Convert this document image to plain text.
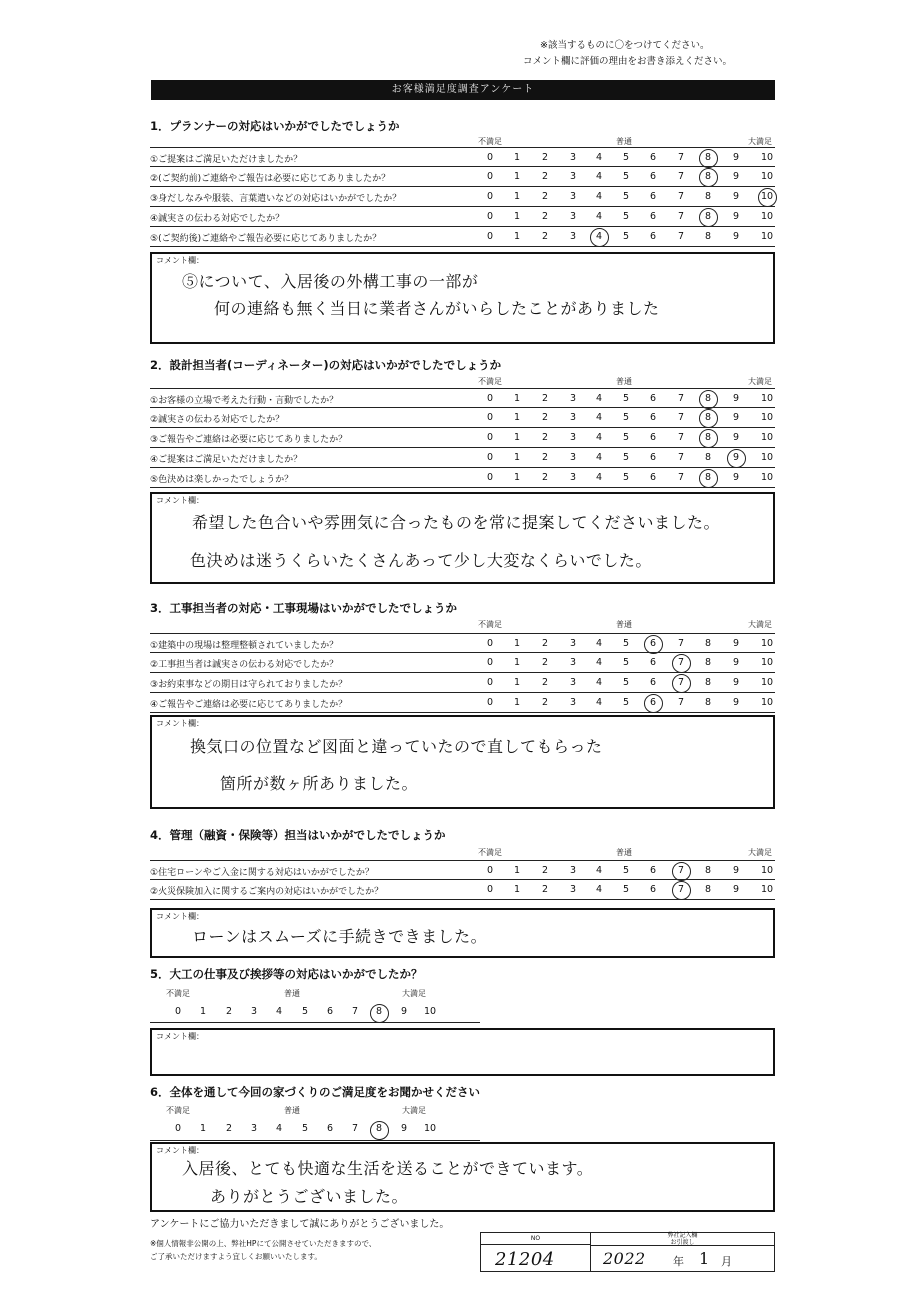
※該当するものに〇をつけてください。
コメント欄に評価の理由をお書き添えください。
お客様満足度調査アンケート
1．プランナーの対応はいかがでしたでしょうか
不満足	普通	大満足
①ご提案はご満足いただけましたか？	0	1	2	3	4	5	6	7	8	9	10
②(ご契約前)ご連絡やご報告は必要に応じてありましたか？	0	1	2	3	4	5	6	7	8	9	10
③身だしなみや服装、言葉遣いなどの対応はいかがでしたか？	0	1	2	3	4	5	6	7	8	9	10
④誠実さの伝わる対応でしたか？	0	1	2	3	4	5	6	7	8	9	10
⑤(ご契約後)ご連絡やご報告必要に応じてありましたか？	0	1	2	3	4	5	6	7	8	9	10
コメント欄：
⑤について、入居後の外構工事の一部が
何の連絡も無く当日に業者さんがいらしたことがありました
2．設計担当者(コーディネーター)の対応はいかがでしたでしょうか
不満足	普通	大満足
①お客様の立場で考えた行動・言動でしたか？	0	1	2	3	4	5	6	7	8	9	10
②誠実さの伝わる対応でしたか？	0	1	2	3	4	5	6	7	8	9	10
③ご報告やご連絡は必要に応じてありましたか？	0	1	2	3	4	5	6	7	8	9	10
④ご提案はご満足いただけましたか？	0	1	2	3	4	5	6	7	8	9	10
⑤色決めは楽しかったでしょうか？	0	1	2	3	4	5	6	7	8	9	10
コメント欄：
希望した色合いや雰囲気に合ったものを常に提案してくださいました。
色決めは迷うくらいたくさんあって少し大変なくらいでした。
3．工事担当者の対応・工事現場はいかがでしたでしょうか
不満足	普通	大満足
①建築中の現場は整理整頓されていましたか？	0	1	2	3	4	5	6	7	8	9	10
②工事担当者は誠実さの伝わる対応でしたか？	0	1	2	3	4	5	6	7	8	9	10
③お約束事などの期日は守られておりましたか？	0	1	2	3	4	5	6	7	8	9	10
④ご報告やご連絡は必要に応じてありましたか？	0	1	2	3	4	5	6	7	8	9	10
コメント欄：
換気口の位置など図面と違っていたので直してもらった
箇所が数ヶ所ありました。
4．管理（融資・保険等）担当はいかがでしたでしょうか
不満足	普通	大満足
①住宅ローンやご入金に関する対応はいかがでしたか？	0	1	2	3	4	5	6	7	8	9	10
②火災保険加入に関するご案内の対応はいかがでしたか？	0	1	2	3	4	5	6	7	8	9	10
コメント欄：
ローンはスムーズに手続きできました。
5．大工の仕事及び挨拶等の対応はいかがでしたか？
不満足	普通	大満足
0	1	2	3	4	5	6	7	8	9	10
コメント欄：
6．全体を通して今回の家づくりのご満足度をお聞かせください
不満足	普通	大満足
0	1	2	3	4	5	6	7	8	9	10
コメント欄：
入居後、とても快適な生活を送ることができています。
ありがとうございました。
アンケートにご協力いただきまして誠にありがとうございました。
※個人情報非公開の上、弊社HPにて公開させていただきますので、
ご了承いただけますよう宜しくお願いいたします。
NO
21204
弊社記入欄
お引渡し
2022 年 1 月
